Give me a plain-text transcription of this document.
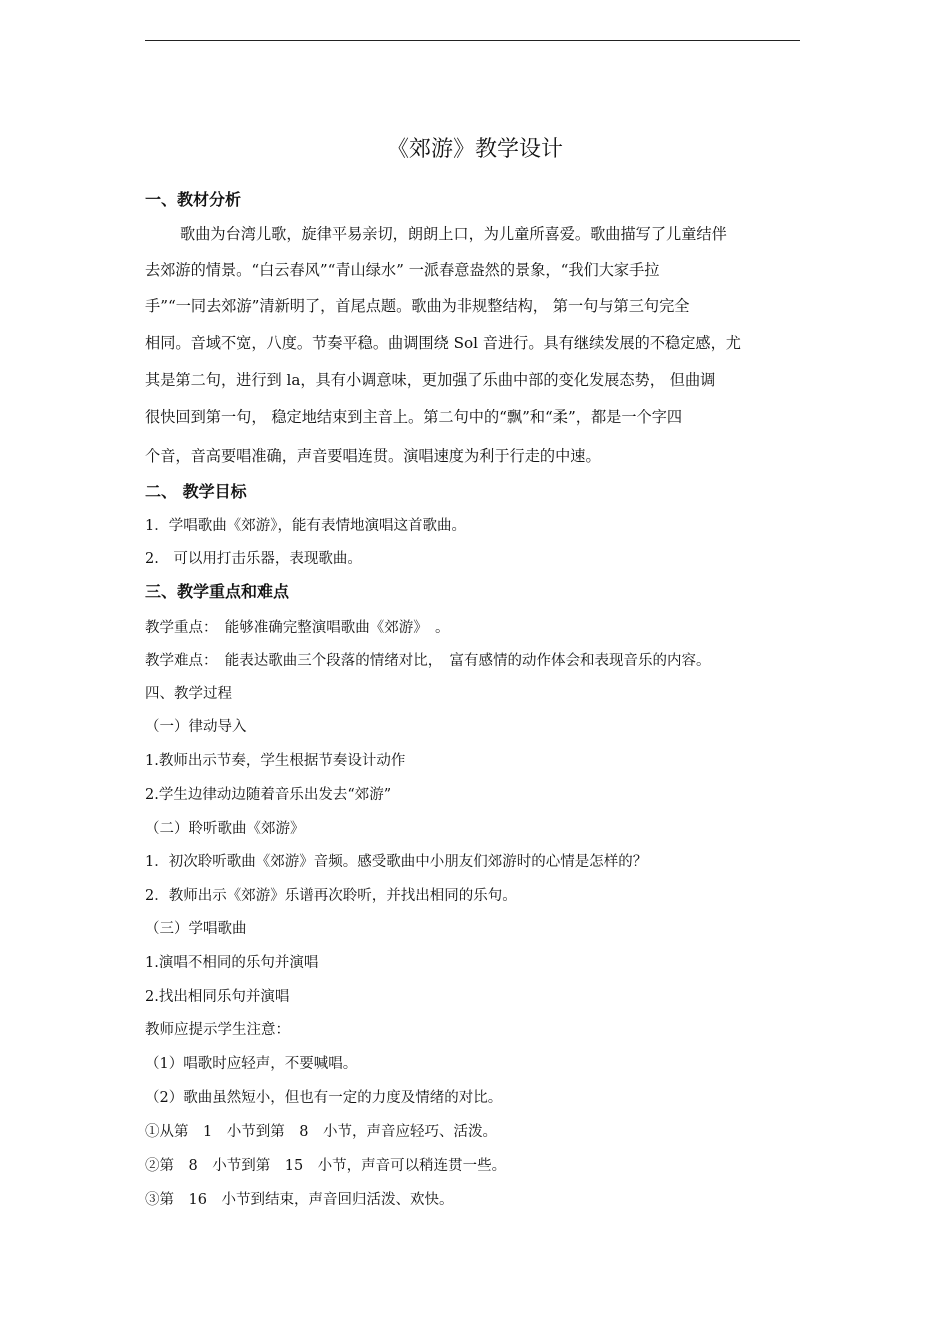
《郊游》教学设计
一、教材分析
歌曲为台湾儿歌，旋律平易亲切，朗朗上口，为儿童所喜爱。歌曲描写了儿童结伴
去郊游的情景。“白云春风”“青山绿水” 一派春意盎然的景象，“我们大家手拉
手”“一同去郊游”清新明了，首尾点题。歌曲为非规整结构， 第一句与第三句完全
相同。音域不宽，八度。节奏平稳。曲调围绕 Sol 音进行。具有继续发展的不稳定感，尤
其是第二句，进行到 la，具有小调意味，更加强了乐曲中部的变化发展态势， 但曲调
很快回到第一句， 稳定地结束到主音上。第二句中的“飘”和“柔”，都是一个字四
个音，音高要唱准确，声音要唱连贯。演唱速度为利于行走的中速。
二、 教学目标
1．学唱歌曲《郊游》，能有表情地演唱这首歌曲。
2.　可以用打击乐器，表现歌曲。
三、教学重点和难点
教学重点：　能够准确完整演唱歌曲《郊游》　。
教学难点：　能表达歌曲三个段落的情绪对比，　富有感情的动作体会和表现音乐的内容。
四、教学过程
（一）律动导入
1.教师出示节奏，学生根据节奏设计动作
2.学生边律动边随着音乐出发去“郊游”
（二）聆听歌曲《郊游》
1．初次聆听歌曲《郊游》音频。感受歌曲中小朋友们郊游时的心情是怎样的？
2．教师出示《郊游》乐谱再次聆听，并找出相同的乐句。
（三）学唱歌曲
1.演唱不相同的乐句并演唱
2.找出相同乐句并演唱
教师应提示学生注意：
（1）唱歌时应轻声，不要喊唱。
（2）歌曲虽然短小，但也有一定的力度及情绪的对比。
①从第　1　小节到第　8　小节，声音应轻巧、活泼。
②第　8　小节到第　15　小节，声音可以稍连贯一些。
③第　16　小节到结束，声音回归活泼、欢快。
